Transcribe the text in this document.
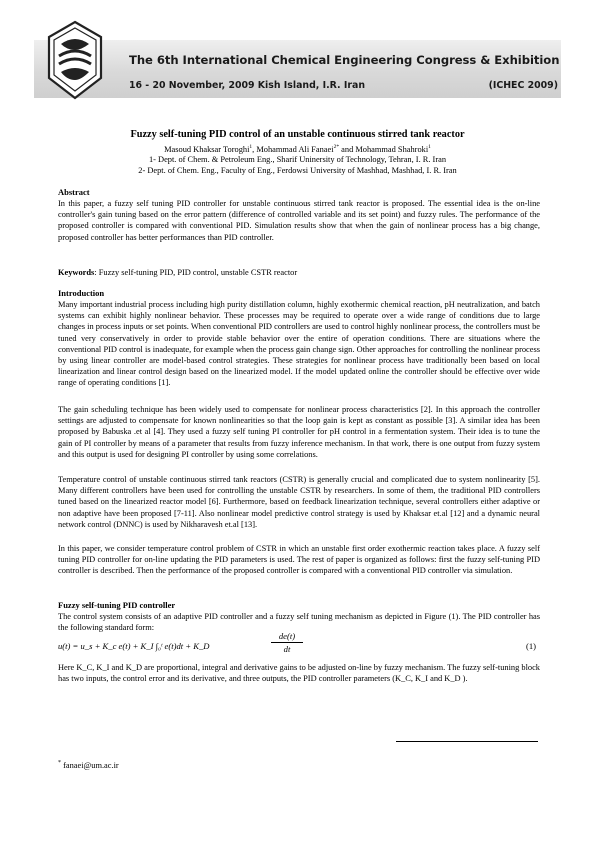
The 6th International Chemical Engineering Congress & Exhibition
16 - 20 November, 2009 Kish Island, I.R. Iran	(ICHEC 2009)
Fuzzy self-tuning PID control of an unstable continuous stirred tank reactor
Masoud Khaksar Toroghi$^1$, Mohammad Ali Fanaei$^{2*}$ and Mohammad Shahroki$^1$
1- Dept. of Chem. & Petroleum Eng., Sharif Uninersity of Technology, Tehran, I. R. Iran
2- Dept. of Chem. Eng., Faculty of Eng., Ferdowsi University of Mashhad, Mashhad, I. R. Iran
Abstract

In this paper, a fuzzy self tuning PID controller for unstable continuous stirred tank reactor is proposed. The essential idea is the on-line controller's gain tuning based on the error pattern (difference of controlled variable and its set point) and fuzzy rules. The performance of the proposed controller is compared with conventional PID. Simulation results show that when the gain of nonlinear process has a big change, proposed controller has better performances than PID controller.

Keywords: Fuzzy self-tuning PID, PID control, unstable CSTR reactor

Introduction

Many important industrial process including high purity distillation column, highly exothermic chemical reaction, pH neutralization, and batch systems can exhibit highly nonlinear behavior. These processes may be required to operate over a wide range of conditions due to large changes in process inputs or set points. When conventional PID controllers are used to control highly nonlinear process, the controllers must be tuned very conservatively in order to provide stable behavior over the entire of operation conditions. There are situations where the conventional PID control is inadequate, for example when the process gain change sign. Other approaches for controlling the nonlinear process by using linear controller are model-based control strategies. These strategies for nonlinear process have traditionally been based on local linearization and linear control design based on the linearized model. If the model updated online the controller should be effective over wide range of operating conditions [1].

The gain scheduling technique has been widely used to compensate for nonlinear process characteristics [2]. In this approach the controller settings are adjusted to compensate for known nonlinearities so that the loop gain is kept as constant as possible [3]. A similar idea has been proposed by Babuska .et al [4]. They used a fuzzy self tuning PI controller for pH control in a fermentation system. Their idea is to tune the gain of PI controller by means of a parameter that results from fuzzy inference mechanism. In that work, there is one output from fuzzy system and this output is used for designing PI controller by using some correlations.

Temperature control of unstable continuous stirred tank reactors (CSTR) is generally crucial and complicated due to system nonlinearity [5]. Many different controllers have been used for controlling the unstable CSTR by researchers. In some of them, the traditional PID controllers tuned based on the linearized reactor model [6]. Furthermore, based on feedback linearization technique, several controllers either adaptive or non adaptive have been proposed [7-11]. Also nonlinear model predictive control strategy is used by Khaksar et.al [12] and a dynamic neural network control (DNNC) is used by Nikharavesh et.al [13].

In this paper, we consider temperature control problem of CSTR in which an unstable first order exothermic reaction takes place. A fuzzy self tuning PID controller for on-line updating the PID parameters is used. The rest of paper is organized as follows: first the fuzzy self-tuning PID controller is described. Then the performance of the proposed controller is compared with a conventional PID controller via simulation.

Fuzzy self-tuning PID controller

The control system consists of an adaptive PID controller and a fuzzy self tuning mechanism as depicted in Figure (1). The PID controller has the following standard form:

u(t) = u_s + K_c e(t) + K_I ∫₀ᵗ e(t)dt + K_D	$\frac{de(t)}{dt}$	(1)

Here K_C, K_I and K_D are proportional, integral and derivative gains to be adjusted on-line by fuzzy mechanism. The fuzzy self-tuning block has two inputs, the control error and its derivative, and three outputs, the PID controller parameters (K_C, K_I and K_D ).

* fanaei@um.ac.ir
